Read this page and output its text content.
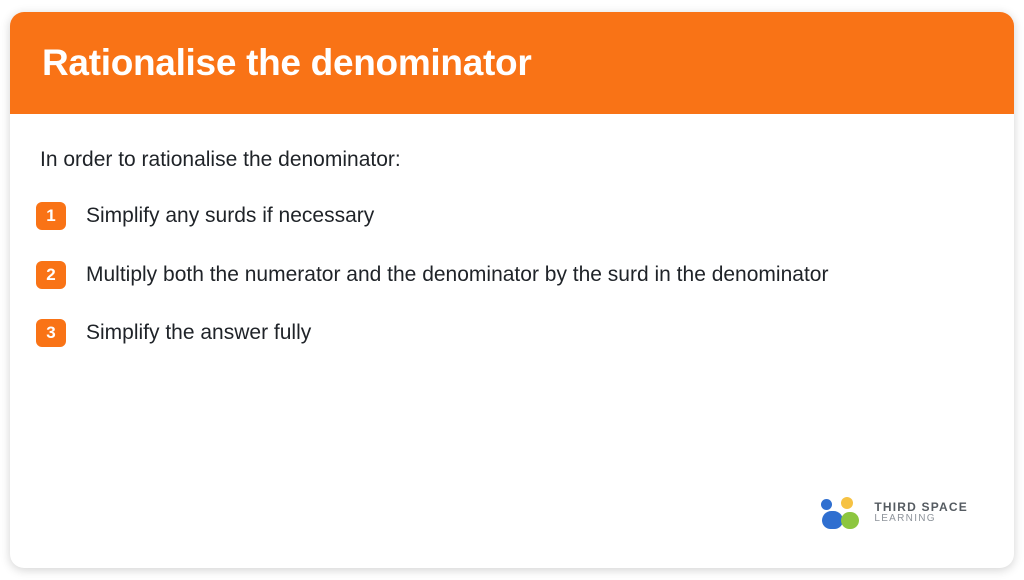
Rationalise the denominator

In order to rationalise the denominator:

1	Simplify any surds if necessary
2	Multiply both the numerator and the denominator by the surd in the denominator
3	Simplify the answer fully
THIRD SPACE
LEARNING
